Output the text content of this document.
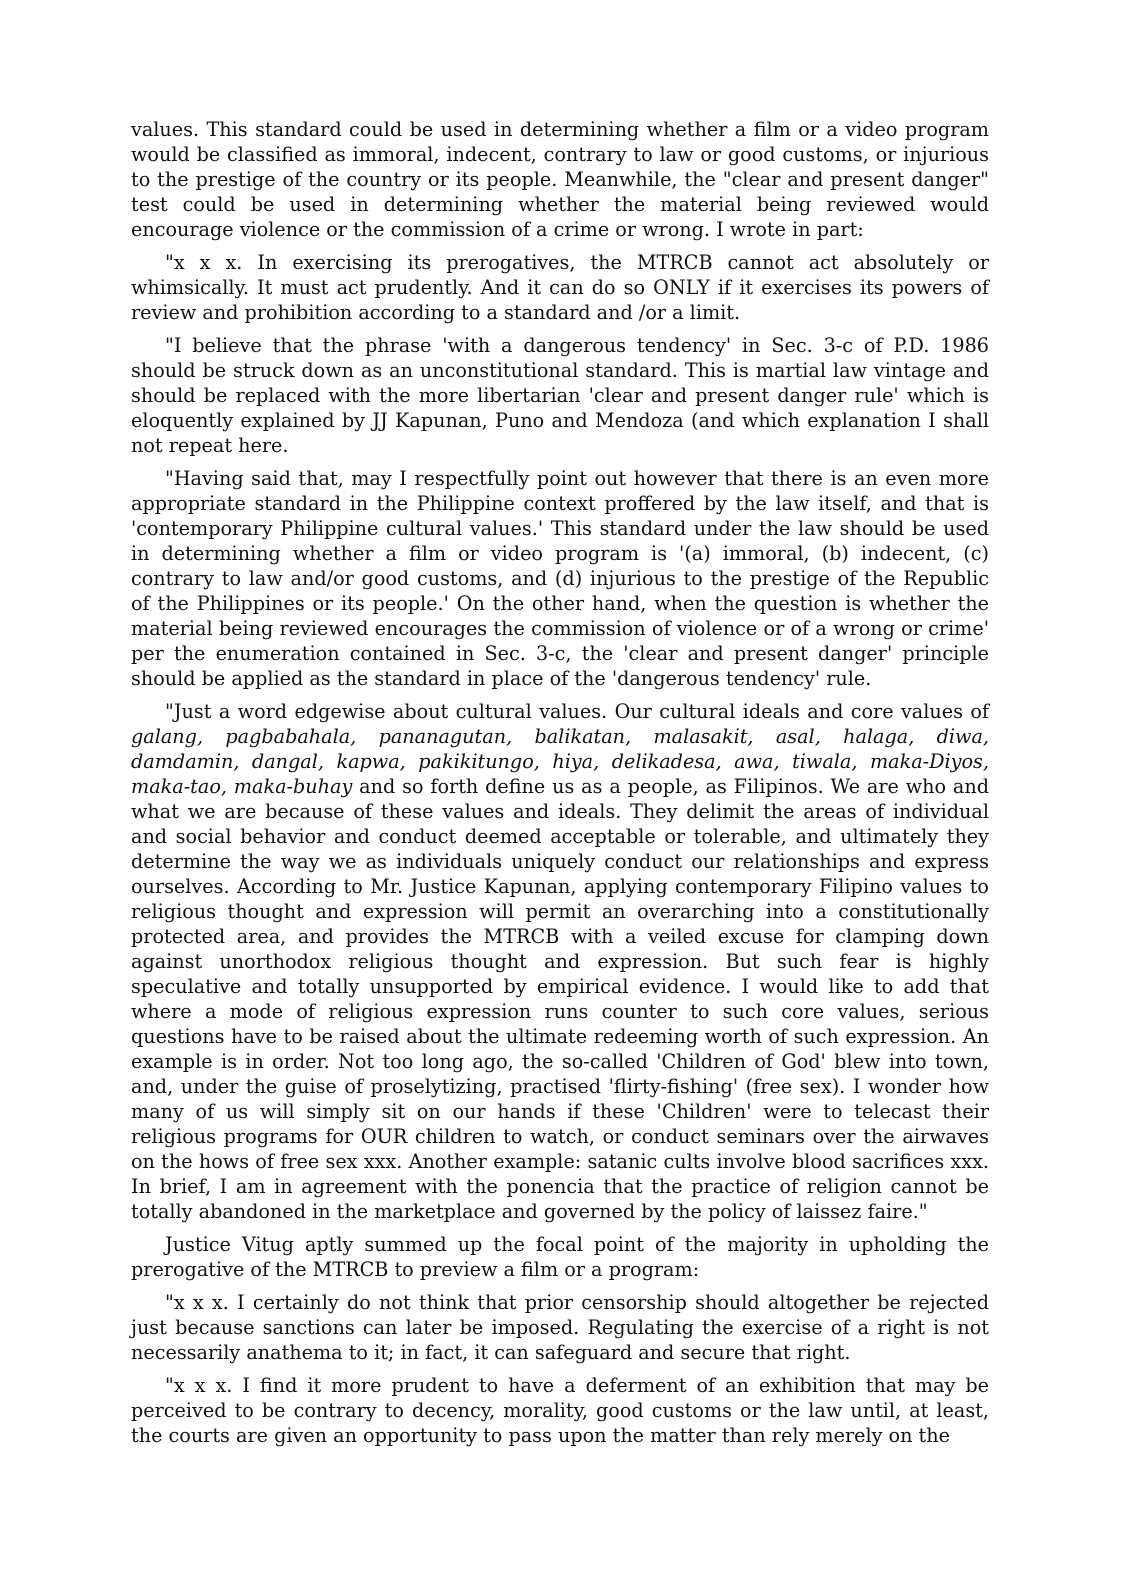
values. This standard could be used in determining whether a film or a video program would be classified as immoral, indecent, contrary to law or good customs, or injurious to the prestige of the country or its people. Meanwhile, the "clear and present danger" test could be used in determining whether the material being reviewed would encourage violence or the commission of a crime or wrong. I wrote in part:

"x x x. In exercising its prerogatives, the MTRCB cannot act absolutely or whimsically. It must act prudently. And it can do so ONLY if it exercises its powers of review and prohibition according to a standard and /or a limit.

"I believe that the phrase 'with a dangerous tendency' in Sec. 3-c of P.D. 1986 should be struck down as an unconstitutional standard. This is martial law vintage and should be replaced with the more libertarian 'clear and present danger rule' which is eloquently explained by JJ Kapunan, Puno and Mendoza (and which explanation I shall not repeat here.

"Having said that, may I respectfully point out however that there is an even more appropriate standard in the Philippine context proffered by the law itself, and that is 'contemporary Philippine cultural values.' This standard under the law should be used in determining whether a film or video program is '(a) immoral, (b) indecent, (c) contrary to law and/or good customs, and (d) injurious to the prestige of the Republic of the Philippines or its people.' On the other hand, when the question is whether the material being reviewed encourages the commission of violence or of a wrong or crime' per the enumeration contained in Sec. 3-c, the 'clear and present danger' principle should be applied as the standard in place of the 'dangerous tendency' rule.

"Just a word edgewise about cultural values. Our cultural ideals and core values of galang, pagbabahala, pananagutan, balikatan, malasakit, asal, halaga, diwa, damdamin, dangal, kapwa, pakikitungo, hiya, delikadesa, awa, tiwala, maka-Diyos, maka-tao, maka-buhay and so forth define us as a people, as Filipinos. We are who and what we are because of these values and ideals. They delimit the areas of individual and social behavior and conduct deemed acceptable or tolerable, and ultimately they determine the way we as individuals uniquely conduct our relationships and express ourselves. According to Mr. Justice Kapunan, applying contemporary Filipino values to religious thought and expression will permit an overarching into a constitutionally protected area, and provides the MTRCB with a veiled excuse for clamping down against unorthodox religious thought and expression. But such fear is highly speculative and totally unsupported by empirical evidence. I would like to add that where a mode of religious expression runs counter to such core values, serious questions have to be raised about the ultimate redeeming worth of such expression. An example is in order. Not too long ago, the so-called 'Children of God' blew into town, and, under the guise of proselytizing, practised 'flirty-fishing' (free sex). I wonder how many of us will simply sit on our hands if these 'Children' were to telecast their religious programs for OUR children to watch, or conduct seminars over the airwaves on the hows of free sex xxx. Another example: satanic cults involve blood sacrifices xxx. In brief, I am in agreement with the ponencia that the practice of religion cannot be totally abandoned in the marketplace and governed by the policy of laissez faire."

Justice Vitug aptly summed up the focal point of the majority in upholding the prerogative of the MTRCB to preview a film or a program:

"x x x. I certainly do not think that prior censorship should altogether be rejected just because sanctions can later be imposed. Regulating the exercise of a right is not necessarily anathema to it; in fact, it can safeguard and secure that right.

"x x x. I find it more prudent to have a deferment of an exhibition that may be perceived to be contrary to decency, morality, good customs or the law until, at least, the courts are given an opportunity to pass upon the matter than rely merely on the
